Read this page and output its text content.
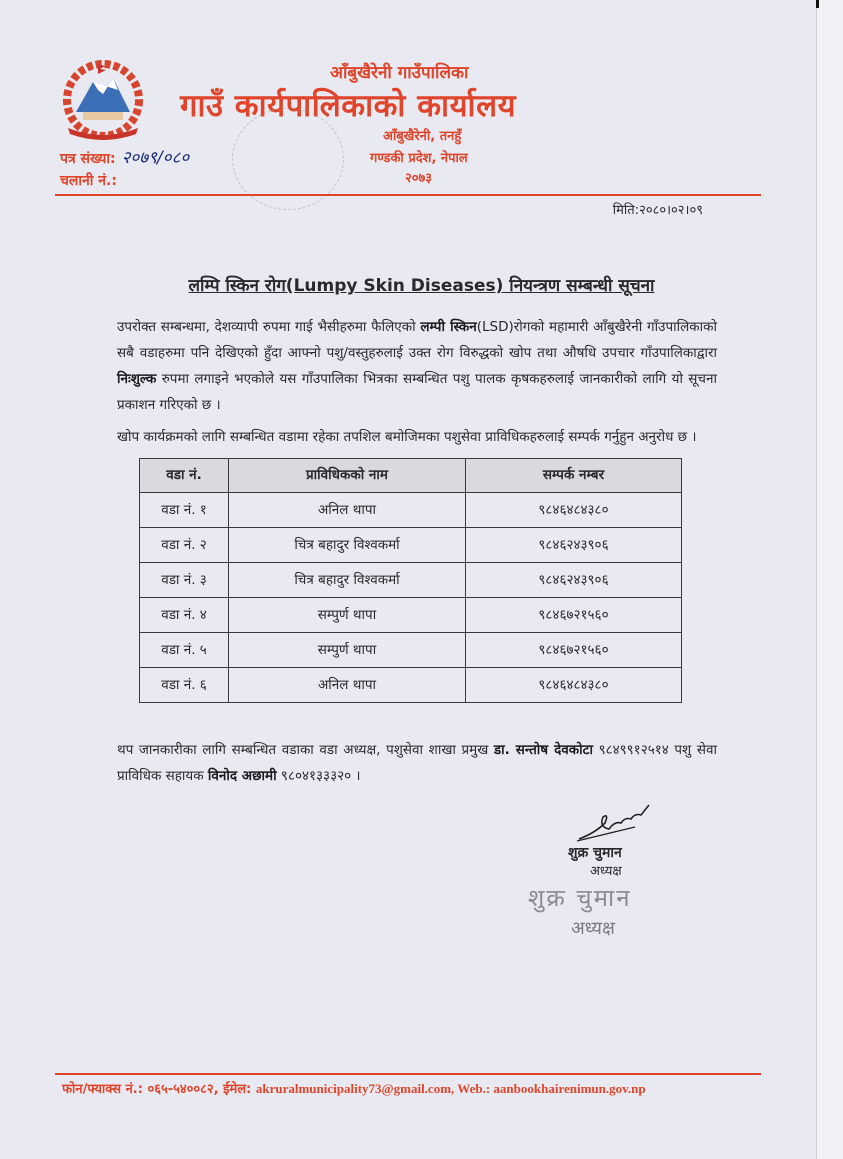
आँबुखैरेनी गाउँपालिका
गाउँ कार्यपालिकाको कार्यालय
आँबुखैरेनी, तनहुँ
गण्डकी प्रदेश, नेपाल
२०७३
पत्र संख्या: २०७९/०८०
चलानी नं.:
मिति:२०८०।०२।०९
लम्पि स्किन रोग(Lumpy Skin Diseases) नियन्त्रण सम्बन्धी सूचना
उपरोक्त सम्बन्धमा, देशव्यापी रुपमा गाई भैसीहरुमा फैलिएको लम्पी स्किन(LSD)रोगको महामारी आँबुखैरेनी गाँउपालिकाको सबै वडाहरुमा पनि देखिएको हुँदा आफ्नो पशु/वस्तुहरुलाई उक्त रोग विरुद्धको खोप तथा औषधि उपचार गाँउपालिकाद्वारा निःशुल्क रुपमा लगाइने भएकोले यस गाँउपालिका भित्रका सम्बन्धित पशु पालक कृषकहरुलाई जानकारीको लागि यो सूचना प्रकाशन गरिएको छ ।
खोप कार्यक्रमको लागि सम्बन्धित वडामा रहेका तपशिल बमोजिमका पशुसेवा प्राविधिकहरुलाई सम्पर्क गर्नुहुन अनुरोध छ ।
वडा नं.	प्राविधिकको नाम	सम्पर्क नम्बर
वडा नं. १	अनिल थापा	९८४६४८४३८०
वडा नं. २	चित्र बहादुर विश्वकर्मा	९८४६२४३९०६
वडा नं. ३	चित्र बहादुर विश्वकर्मा	९८४६२४३९०६
वडा नं. ४	सम्पुर्ण थापा	९८४६७२१५६०
वडा नं. ५	सम्पुर्ण थापा	९८४६७२१५६०
वडा नं. ६	अनिल थापा	९८४६४८४३८०
थप जानकारीका लागि सम्बन्धित वडाका वडा अध्यक्ष, पशुसेवा शाखा प्रमुख डा. सन्तोष देवकोटा ९८४९९१२५१४ पशु सेवा प्राविधिक सहायक विनोद अछामी ९८०४१३३३२० ।
शुक्र चुमान
अध्यक्ष
शुक्र चुमान
अध्यक्ष
फोन/फ्याक्स नं.: ०६५-५४००८२, ईमेल: akruralmunicipality73@gmail.com, Web.: aanbookhairenimun.gov.np
